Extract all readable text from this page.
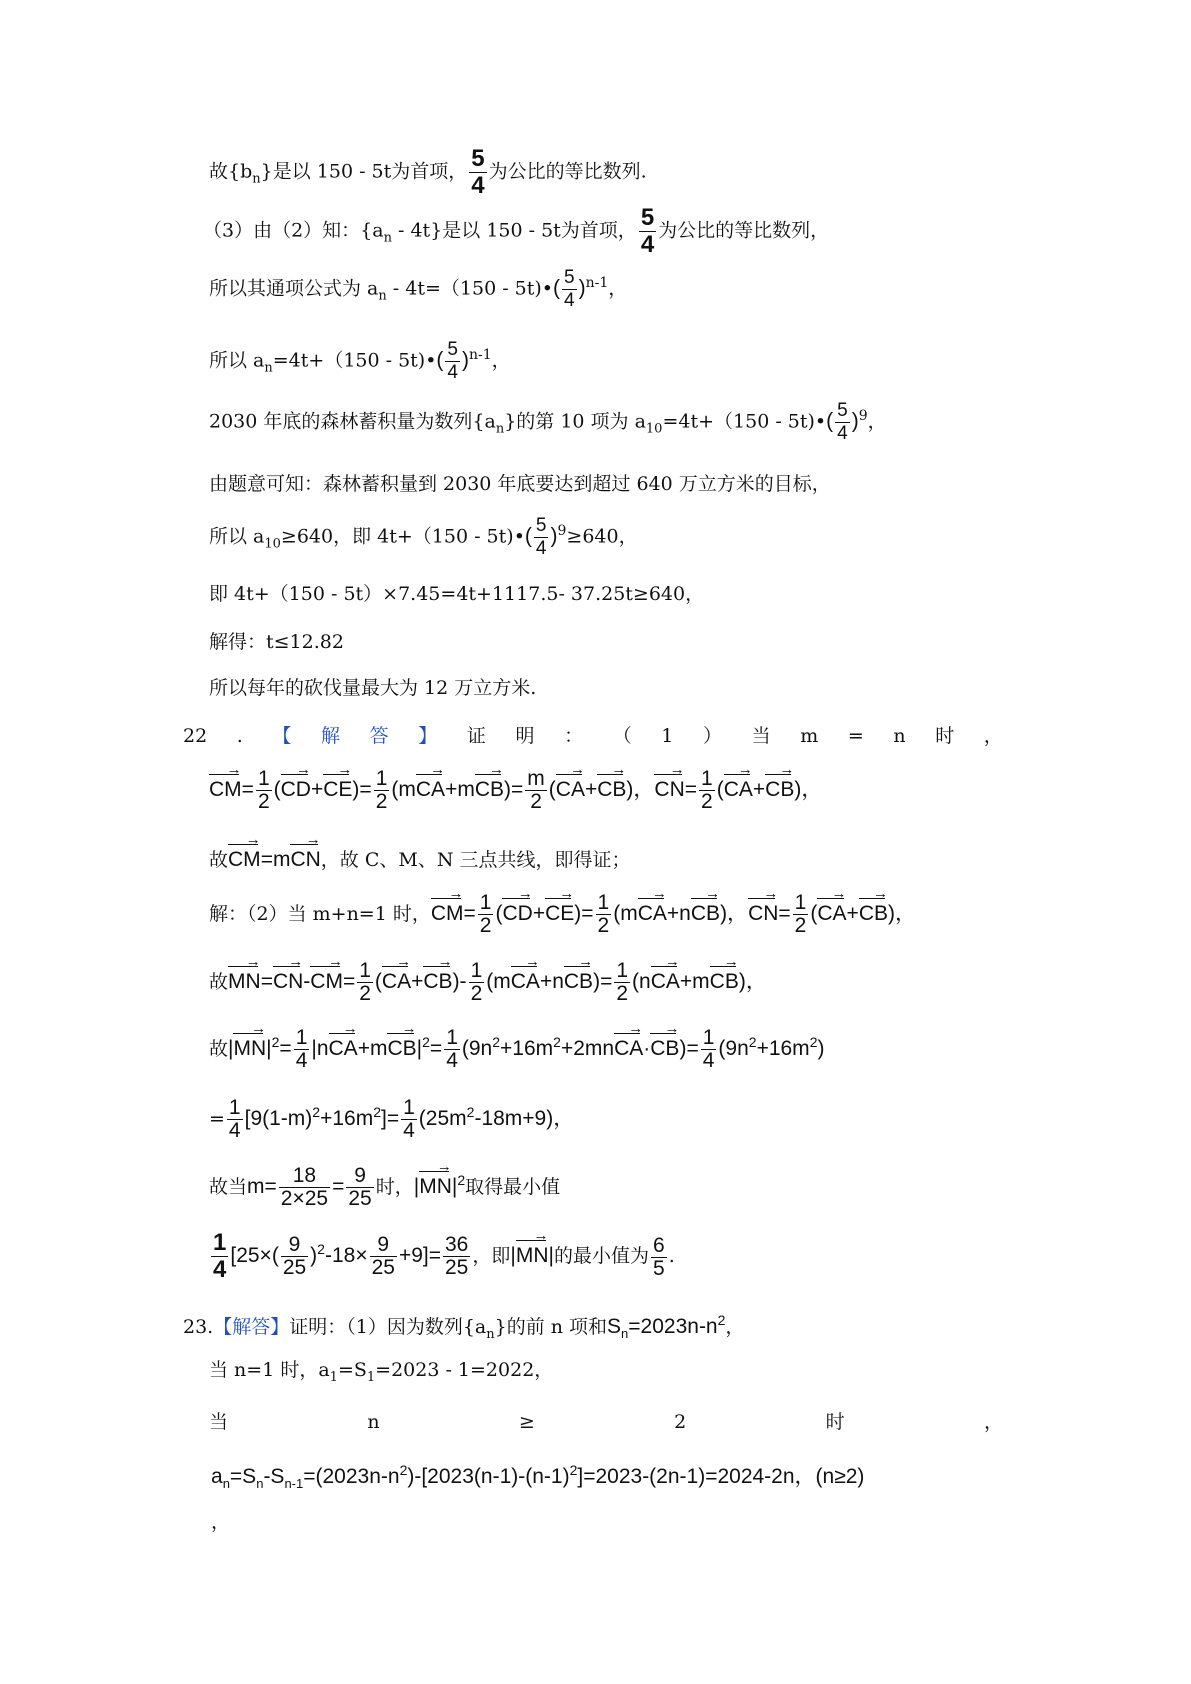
故$\{b_n\}$是以 150 - 5t为首项， $\frac{5}{4}$ 为公比的等比数列.
（3）由（2）知：$\{a_n - 4t\}$是以 150 - 5t为首项， $\frac{5}{4}$ 为公比的等比数列，
所以其通项公式为 $a_n - 4t=(150$ - 5t)•( $\frac{5}{4} )^{n-1}$，
所以 $a_n=4t+(150$ - 5t)•( $\frac{5}{4} )^{n-1}$，
2030 年底的森林蓄积量为数列$\{a_n\}$的第 10 项为 $a_{10}=4t+(150$ - 5t)•( $\frac{5}{4} )^9$，
由题意可知：森林蓄积量到 2030 年底要达到超过 640 万立方米的目标，
所以 $a_{10}\ge 640$，即 4t+（150 - 5t)•( $\frac{5}{4} )^9\ge 640$，
即 4t+（150 - 5t）×7.45=4t+1117.5- 37.25t≥640，
解得：t≤12.82
所以每年的砍伐量最大为 12 万立方米.
22 . 【 解 答 】 证 明 ： （ 1 ） 当 m = n 时 ，
→ $CM= \frac{1}{2}$ (→ $CD+\to CE)= \frac{1}{2} (m\to CA+m\to CB)= \frac{m}{2}$ (→ CA+→ CB)，→ $CN= \frac{1}{2}$ (→ CA+→ CB)，
故→ CM=m→ CN，故 C、M、N 三点共线，即得证；
解：（2）当 m+n=1 时，→ $CM= \frac{1}{2}$ (→ $CD+\to CE)= \frac{1}{2} (m\to CA+n\to CB)$，→ $CN= \frac{1}{2}$ (→ CA+→ CB)，
故→ $MN=\to CN-\to CM= \frac{1}{2}$ (→ $CA+\to CB)- \frac{1}{2} (m\to CA+n\to CB)= \frac{1}{2} (n\to CA+m\to CB)$，
故|→ $MN|^2= \frac{1}{4} |n\to CA+m\to CB|^2= \frac{1}{4} (9n^2+16m^2+2mn\to CA\cdot\to CB)= \frac{1}{4} (9n^2+16m^2)$
= $\frac{1}{4} [9(1-m)^2+16m^2]= \frac{1}{4} (25m^2-18m+9)$，
故当$m= \frac{18}{2\times 25} = \frac{9}{25}$ 时，|→ $MN|^2$取得最小值
$\frac{1}{4} [25\times( \frac{9}{25} )^2-18\times \frac{9}{25} +9]= \frac{36}{25}$ ，即|→ MN|的最小值为 $\frac{6}{5}$ .
23.【解答】证明：（1）因为数列$\{a_n\}$的前 n 项和$S_n=2023n-n^2$，
当 n=1 时，$a_1=S_1=2023 - 1=2022$，
当	n	≥	2	时	，
$a_n=S_n-S_{n-1}=(2023n-n^2)-[2023(n-1)-(n-1)^2]=2023-(2n-1)=2024-2n$，(n≥2)
，
